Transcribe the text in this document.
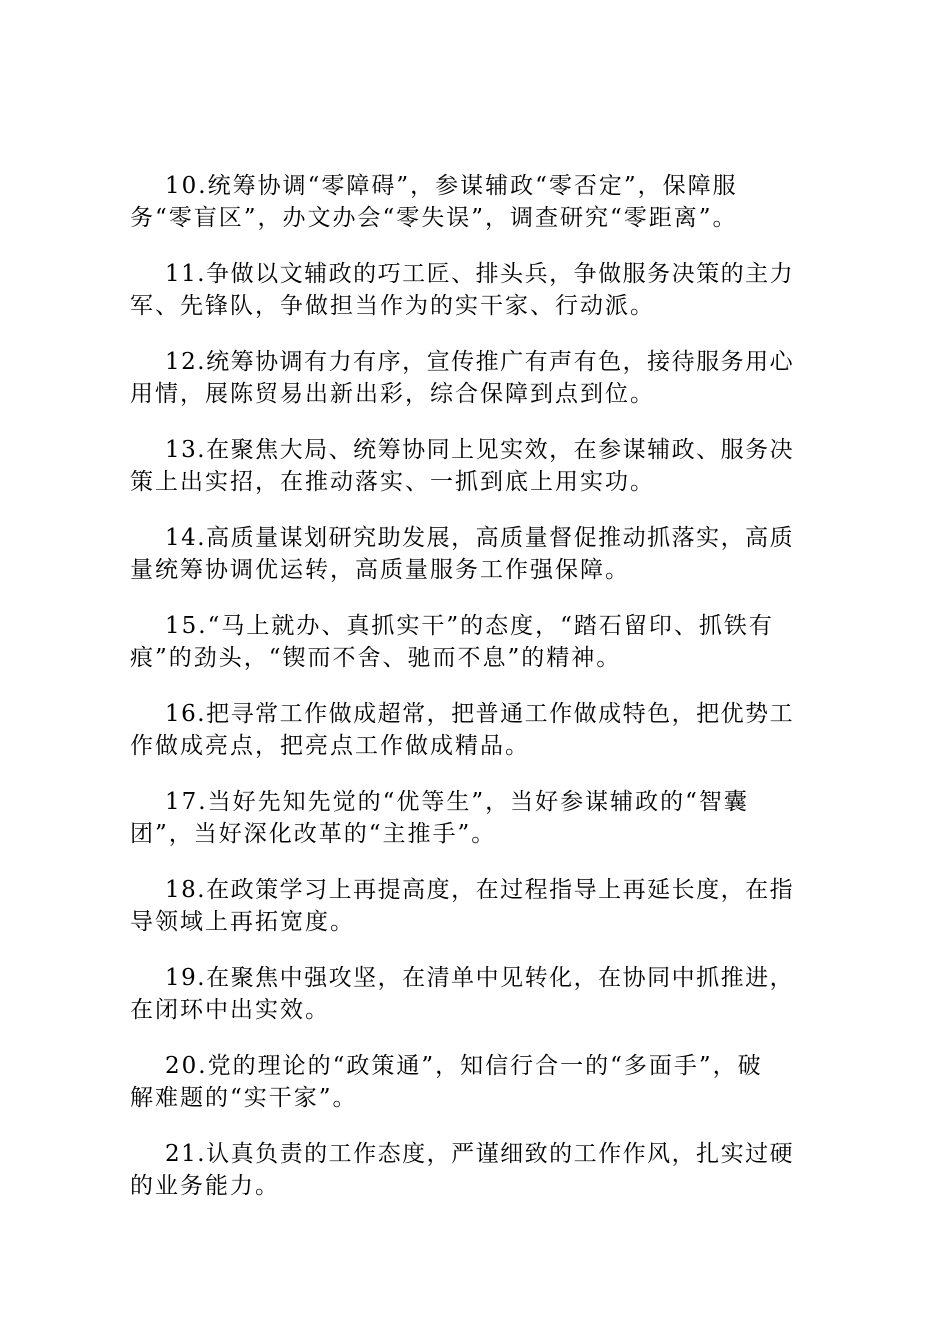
10.统筹协调“零障碍”，参谋辅政“零否定”，保障服
务“零盲区”，办文办会“零失误”，调查研究“零距离”。

11.争做以文辅政的巧工匠、排头兵，争做服务决策的主力
军、先锋队，争做担当作为的实干家、行动派。

12.统筹协调有力有序，宣传推广有声有色，接待服务用心
用情，展陈贸易出新出彩，综合保障到点到位。

13.在聚焦大局、统筹协同上见实效，在参谋辅政、服务决
策上出实招，在推动落实、一抓到底上用实功。

14.高质量谋划研究助发展，高质量督促推动抓落实，高质
量统筹协调优运转，高质量服务工作强保障。

15.“马上就办、真抓实干”的态度，“踏石留印、抓铁有
痕”的劲头，“锲而不舍、驰而不息”的精神。

16.把寻常工作做成超常，把普通工作做成特色，把优势工
作做成亮点，把亮点工作做成精品。

17.当好先知先觉的“优等生”，当好参谋辅政的“智囊
团”，当好深化改革的“主推手”。

18.在政策学习上再提高度，在过程指导上再延长度，在指
导领域上再拓宽度。

19.在聚焦中强攻坚，在清单中见转化，在协同中抓推进，
在闭环中出实效。

20.党的理论的“政策通”，知信行合一的“多面手”，破
解难题的“实干家”。

21.认真负责的工作态度，严谨细致的工作作风，扎实过硬
的业务能力。
